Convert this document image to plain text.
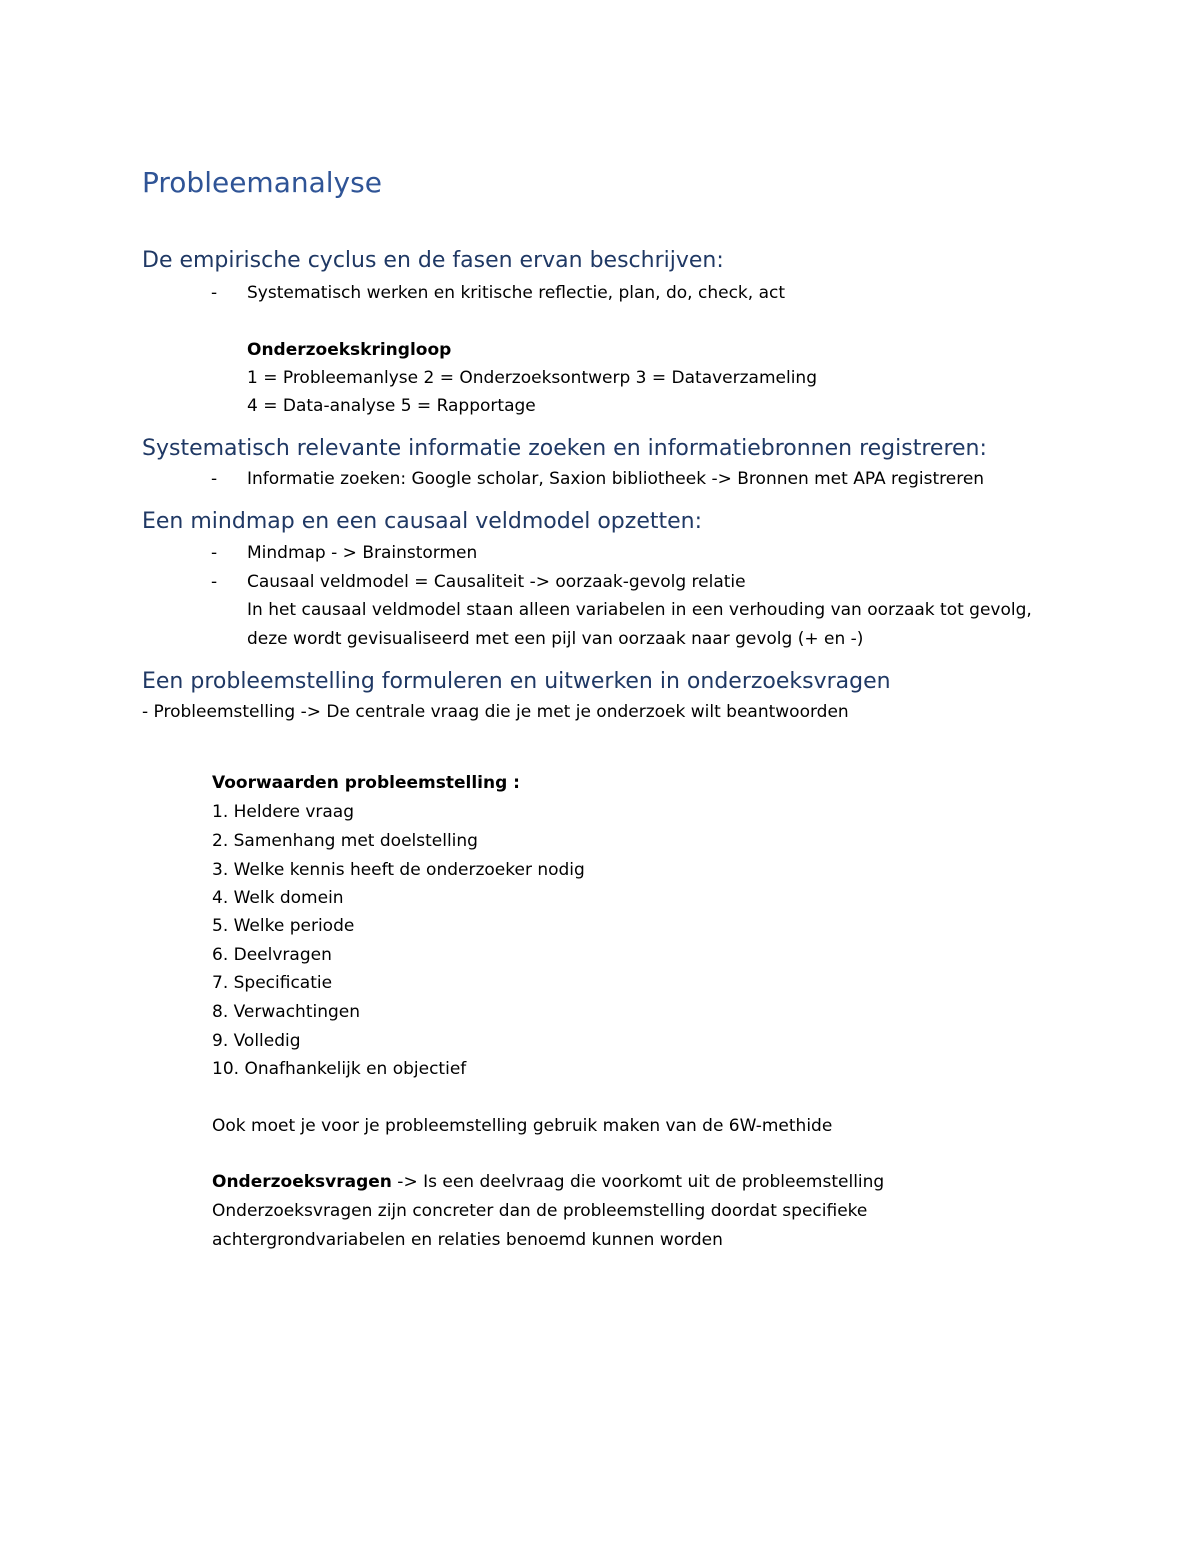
Probleemanalyse
De empirische cyclus en de fasen ervan beschrijven:
- Systematisch werken en kritische reflectie, plan, do, check, act
Onderzoekskringloop
1 = Probleemanlyse 2 = Onderzoeksontwerp 3 = Dataverzameling
4 = Data-analyse 5 = Rapportage
Systematisch relevante informatie zoeken en informatiebronnen registreren:
- Informatie zoeken: Google scholar, Saxion bibliotheek -> Bronnen met APA registreren
Een mindmap en een causaal veldmodel opzetten:
- Mindmap - > Brainstormen
- Causaal veldmodel = Causaliteit -> oorzaak-gevolg relatie
In het causaal veldmodel staan alleen variabelen in een verhouding van oorzaak tot gevolg,
deze wordt gevisualiseerd met een pijl van oorzaak naar gevolg (+ en -)
Een probleemstelling formuleren en uitwerken in onderzoeksvragen
- Probleemstelling -> De centrale vraag die je met je onderzoek wilt beantwoorden
Voorwaarden probleemstelling :
1. Heldere vraag
2. Samenhang met doelstelling
3. Welke kennis heeft de onderzoeker nodig
4. Welk domein
5. Welke periode
6. Deelvragen
7. Specificatie
8. Verwachtingen
9. Volledig
10. Onafhankelijk en objectief
Ook moet je voor je probleemstelling gebruik maken van de 6W-methide
Onderzoeksvragen -> Is een deelvraag die voorkomt uit de probleemstelling
Onderzoeksvragen zijn concreter dan de probleemstelling doordat specifieke
achtergrondvariabelen en relaties benoemd kunnen worden
